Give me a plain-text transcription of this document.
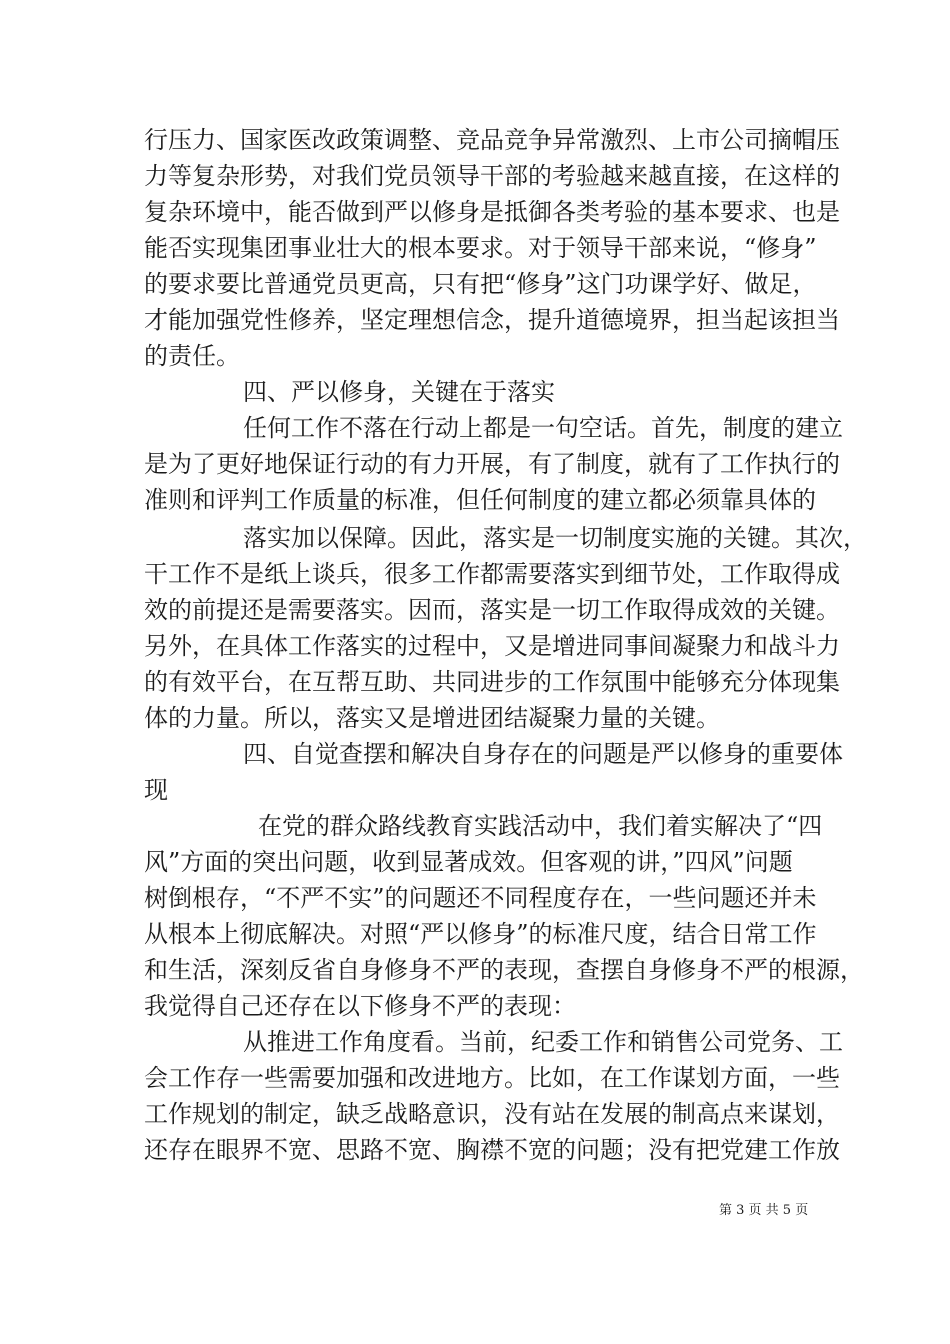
行压力、国家医改政策调整、竞品竞争异常激烈、上市公司摘帽压
力等复杂形势，对我们党员领导干部的考验越来越直接，在这样的
复杂环境中，能否做到严以修身是抵御各类考验的基本要求、也是
能否实现集团事业壮大的根本要求。对于领导干部来说，“修身”
的要求要比普通党员更高，只有把“修身”这门功课学好、做足，
才能加强党性修养，坚定理想信念，提升道德境界，担当起该担当
的责任。
四、严以修身，关键在于落实
任何工作不落在行动上都是一句空话。首先，制度的建立
是为了更好地保证行动的有力开展，有了制度，就有了工作执行的
准则和评判工作质量的标准，但任何制度的建立都必须靠具体的
落实加以保障。因此，落实是一切制度实施的关键。其次，
干工作不是纸上谈兵，很多工作都需要落实到细节处，工作取得成
效的前提还是需要落实。因而，落实是一切工作取得成效的关键。
另外，在具体工作落实的过程中，又是增进同事间凝聚力和战斗力
的有效平台，在互帮互助、共同进步的工作氛围中能够充分体现集
体的力量。所以，落实又是增进团结凝聚力量的关键。
四、自觉查摆和解决自身存在的问题是严以修身的重要体
现
在党的群众路线教育实践活动中，我们着实解决了“四
风”方面的突出问题，收到显著成效。但客观的讲，”四风”问题
树倒根存，“不严不实”的问题还不同程度存在，一些问题还并未
从根本上彻底解决。对照“严以修身”的标准尺度，结合日常工作
和生活，深刻反省自身修身不严的表现，查摆自身修身不严的根源，
我觉得自己还存在以下修身不严的表现：
从推进工作角度看。当前，纪委工作和销售公司党务、工
会工作存一些需要加强和改进地方。比如，在工作谋划方面，一些
工作规划的制定，缺乏战略意识，没有站在发展的制高点来谋划，
还存在眼界不宽、思路不宽、胸襟不宽的问题；没有把党建工作放
第 3 页 共 5 页
